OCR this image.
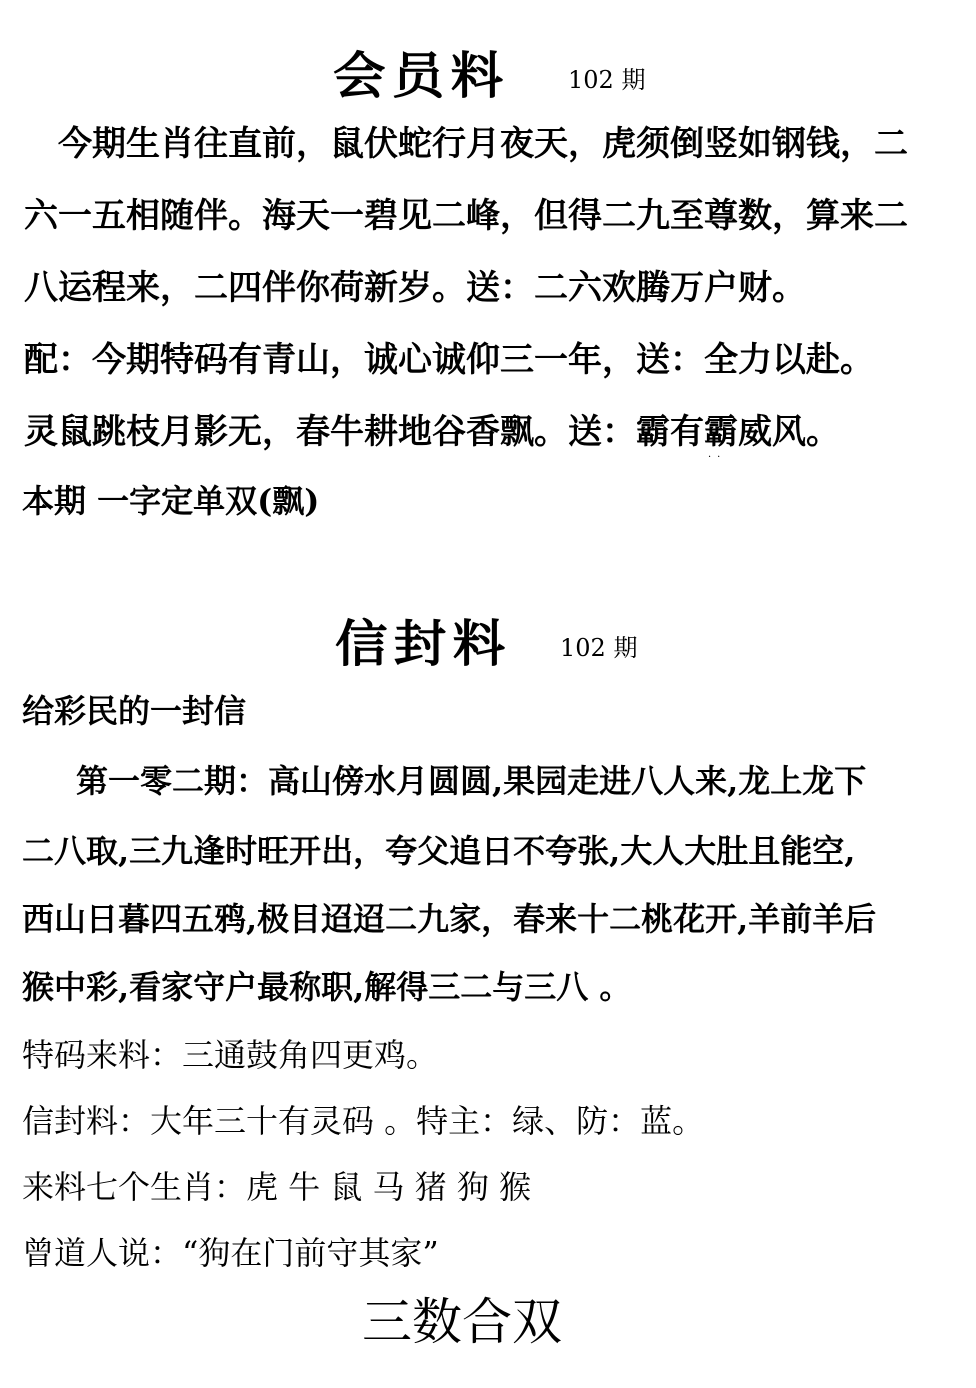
会员料 102 期
今期生肖往直前，鼠伏蛇行月夜天，虎须倒竖如钢钱，二
六一五相随伴。海天一碧见二峰，但得二九至尊数，算来二
八运程来，二四伴你荷新岁。送：二六欢腾万户财。
配：今期特码有青山，诚心诚仰三一年，送：全力以赴。
灵鼠跳枝月影无，春牛耕地谷香飘。送：霸有霸威风。
··
本期 一字定单双(飘)
信封料 102 期
给彩民的一封信
第一零二期：高山傍水月圆圆,果园走进八人来,龙上龙下
二八取,三九逢时旺开出，夸父追日不夸张,大人大肚且能空,
西山日暮四五鸦,极目迢迢二九家，春来十二桃花开,羊前羊后
猴中彩,看家守户最称职,解得三二与三八 。
特码来料：三通鼓角四更鸡。
信封料：大年三十有灵码 。特主：绿、防：蓝。
来料七个生肖：虎 牛 鼠 马 猪 狗 猴
曾道人说：“狗在门前守其家”
三数合双
